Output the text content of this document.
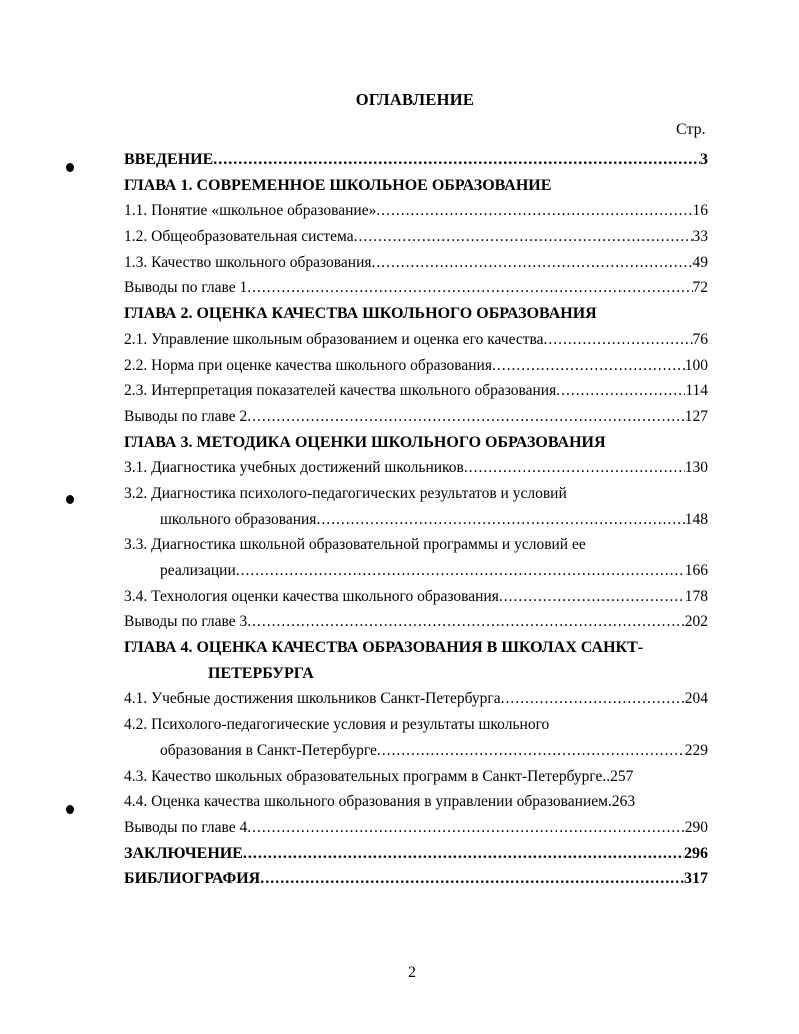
ОГЛАВЛЕНИЕ
Стр.
ВВЕДЕНИЕ .....	3
ГЛАВА 1. СОВРЕМЕННОЕ ШКОЛЬНОЕ ОБРАЗОВАНИЕ
1.1. Понятие «школьное образование» .....	16
1.2. Общеобразовательная система .....	33
1.3. Качество школьного образования .....	49
Выводы по главе 1 .....	72
ГЛАВА 2. ОЦЕНКА КАЧЕСТВА ШКОЛЬНОГО ОБРАЗОВАНИЯ
2.1. Управление школьным образованием и оценка его качества .....	76
2.2. Норма при оценке качества школьного образования .....	100
2.3. Интерпретация показателей качества школьного образования .....	114
Выводы по главе 2 .....	127
ГЛАВА 3. МЕТОДИКА ОЦЕНКИ ШКОЛЬНОГО ОБРАЗОВАНИЯ
3.1. Диагностика учебных достижений школьников .....	130
3.2. Диагностика психолого-педагогических результатов и условий
школьного образования .....	148
3.3. Диагностика школьной образовательной программы и условий ее
реализации .....	166
3.4. Технология оценки качества школьного образования .....	178
Выводы по главе 3 .....	202
ГЛАВА 4. ОЦЕНКА КАЧЕСТВА ОБРАЗОВАНИЯ В ШКОЛАХ САНКТ-
ПЕТЕРБУРГА
4.1. Учебные достижения школьников Санкт-Петербурга .....	204
4.2. Психолого-педагогические условия и результаты школьного
образования в Санкт-Петербурге .....	229
4.3. Качество школьных образовательных программ в Санкт-Петербурге.. 257
4.4. Оценка качества школьного образования в управлении образованием. 263
Выводы по главе 4 .....	290
ЗАКЛЮЧЕНИЕ .....	296
БИБЛИОГРАФИЯ .....	317
2
